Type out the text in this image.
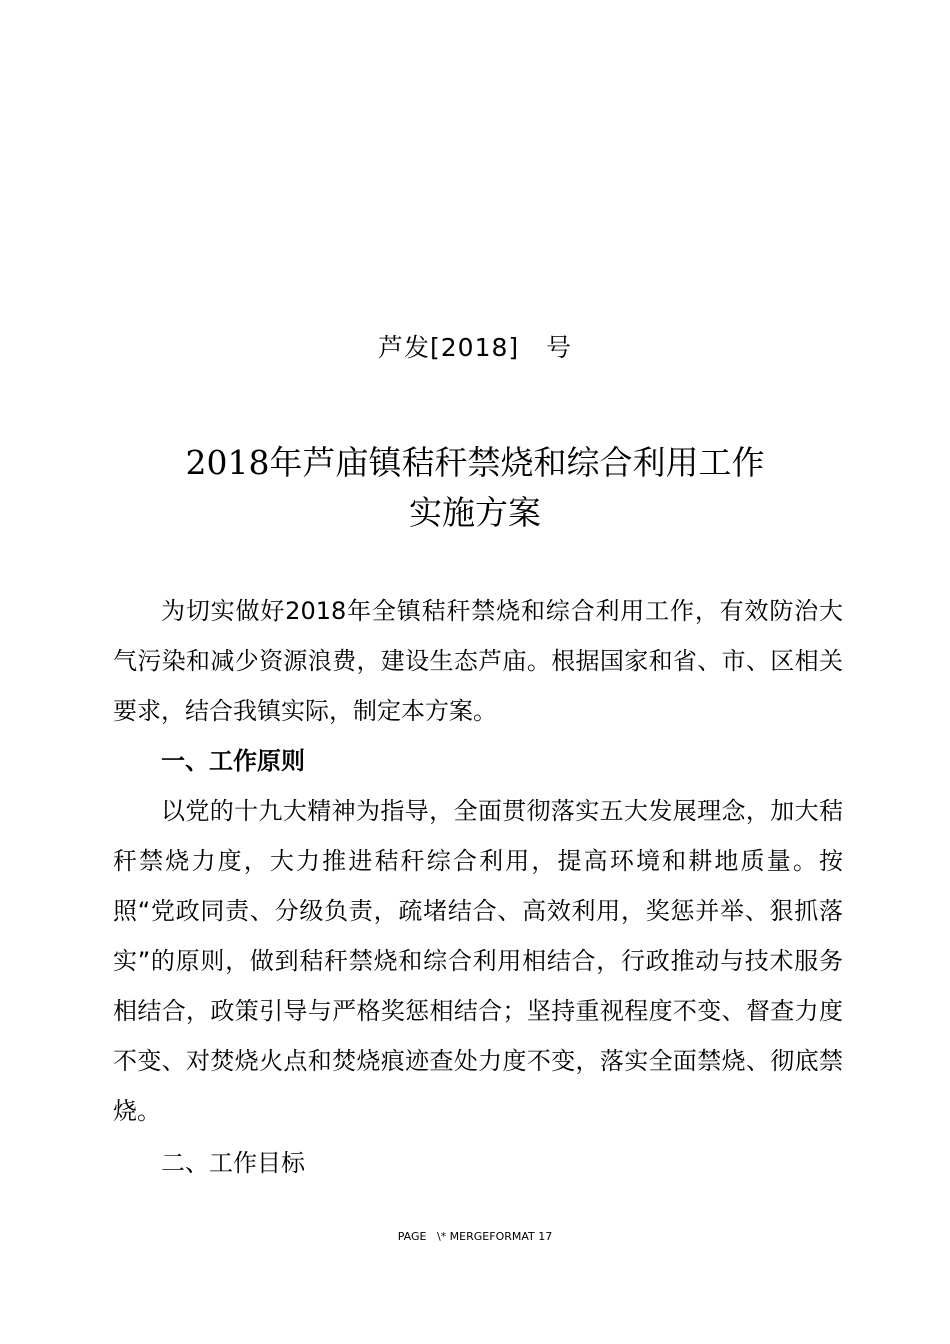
芦发[2018]   号
2018年芦庙镇秸秆禁烧和综合利用工作
实施方案

为切实做好2018年全镇秸秆禁烧和综合利用工作，有效防治大气污染和减少资源浪费，建设生态芦庙。根据国家和省、市、区相关要求，结合我镇实际，制定本方案。

一、工作原则

以党的十九大精神为指导，全面贯彻落实五大发展理念，加大秸秆禁烧力度，大力推进秸秆综合利用，提高环境和耕地质量。按照“党政同责、分级负责，疏堵结合、高效利用，奖惩并举、狠抓落实”的原则，做到秸秆禁烧和综合利用相结合，行政推动与技术服务相结合，政策引导与严格奖惩相结合；坚持重视程度不变、督查力度不变、对焚烧火点和焚烧痕迹查处力度不变，落实全面禁烧、彻底禁烧。

二、工作目标

PAGE   \* MERGEFORMAT 17
